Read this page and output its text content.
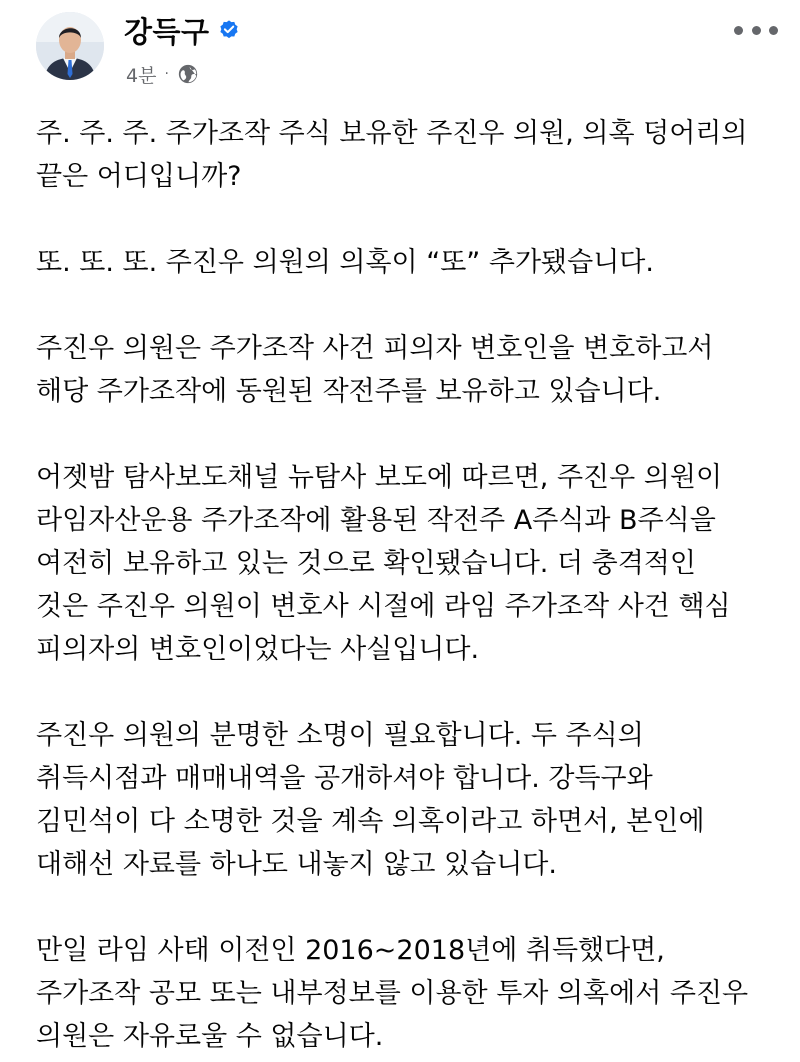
강득구
4분 ·

주. 주. 주. 주가조작 주식 보유한 주진우 의원, 의혹 덩어리의
끝은 어디입니까?

또. 또. 또. 주진우 의원의 의혹이 “또” 추가됐습니다.

주진우 의원은 주가조작 사건 피의자 변호인을 변호하고서
해당 주가조작에 동원된 작전주를 보유하고 있습니다.

어젯밤 탐사보도채널 뉴탐사 보도에 따르면, 주진우 의원이
라임자산운용 주가조작에 활용된 작전주 A주식과 B주식을
여전히 보유하고 있는 것으로 확인됐습니다. 더 충격적인
것은 주진우 의원이 변호사 시절에 라임 주가조작 사건 핵심
피의자의 변호인이었다는 사실입니다.

주진우 의원의 분명한 소명이 필요합니다. 두 주식의
취득시점과 매매내역을 공개하셔야 합니다. 강득구와
김민석이 다 소명한 것을 계속 의혹이라고 하면서, 본인에
대해선 자료를 하나도 내놓지 않고 있습니다.

만일 라임 사태 이전인 2016~2018년에 취득했다면,
주가조작 공모 또는 내부정보를 이용한 투자 의혹에서 주진우
의원은 자유로울 수 없습니다.
